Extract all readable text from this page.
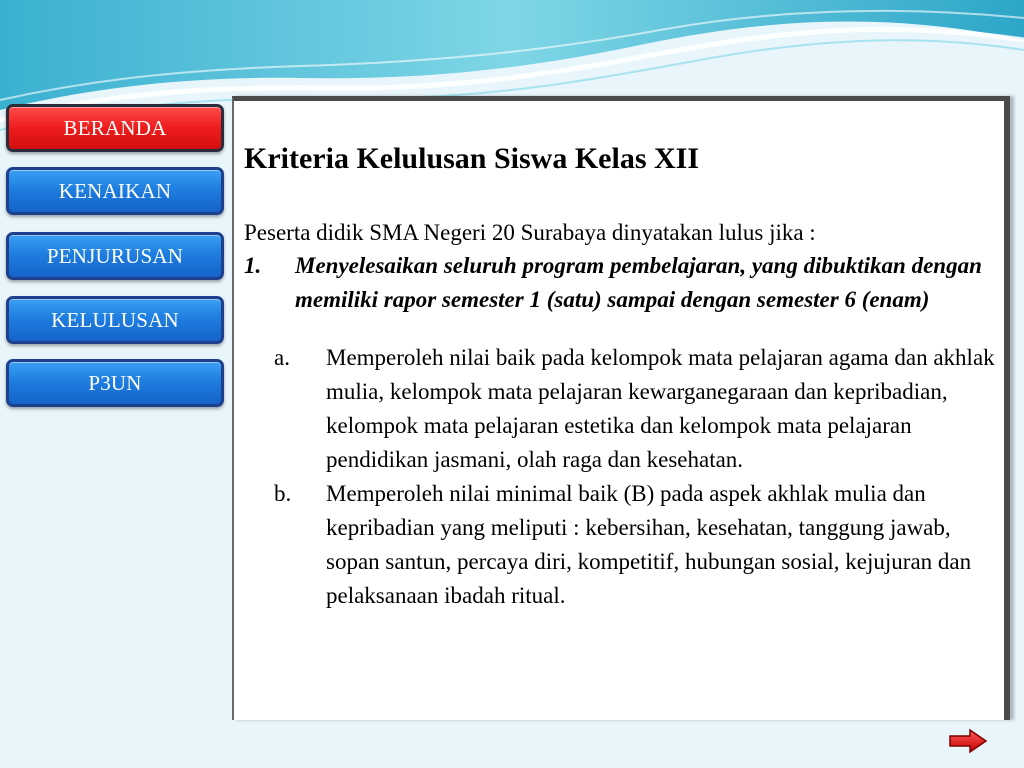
BERANDA
KENAIKAN
PENJURUSAN
KELULUSAN
P3UN
Kriteria Kelulusan Siswa Kelas XII
Peserta didik SMA Negeri 20 Surabaya dinyatakan lulus jika :
1. Menyelesaikan seluruh program pembelajaran, yang dibuktikan dengan memiliki rapor semester 1 (satu) sampai dengan semester 6 (enam)
a. Memperoleh nilai baik pada kelompok mata pelajaran agama dan akhlak mulia, kelompok mata pelajaran kewarganegaraan dan kepribadian, kelompok mata pelajaran estetika dan kelompok mata pelajaran pendidikan jasmani, olah raga dan kesehatan.
b. Memperoleh nilai minimal baik (B) pada aspek akhlak mulia dan kepribadian yang meliputi : kebersihan, kesehatan, tanggung jawab, sopan santun, percaya diri, kompetitif, hubungan sosial, kejujuran dan pelaksanaan ibadah ritual.
